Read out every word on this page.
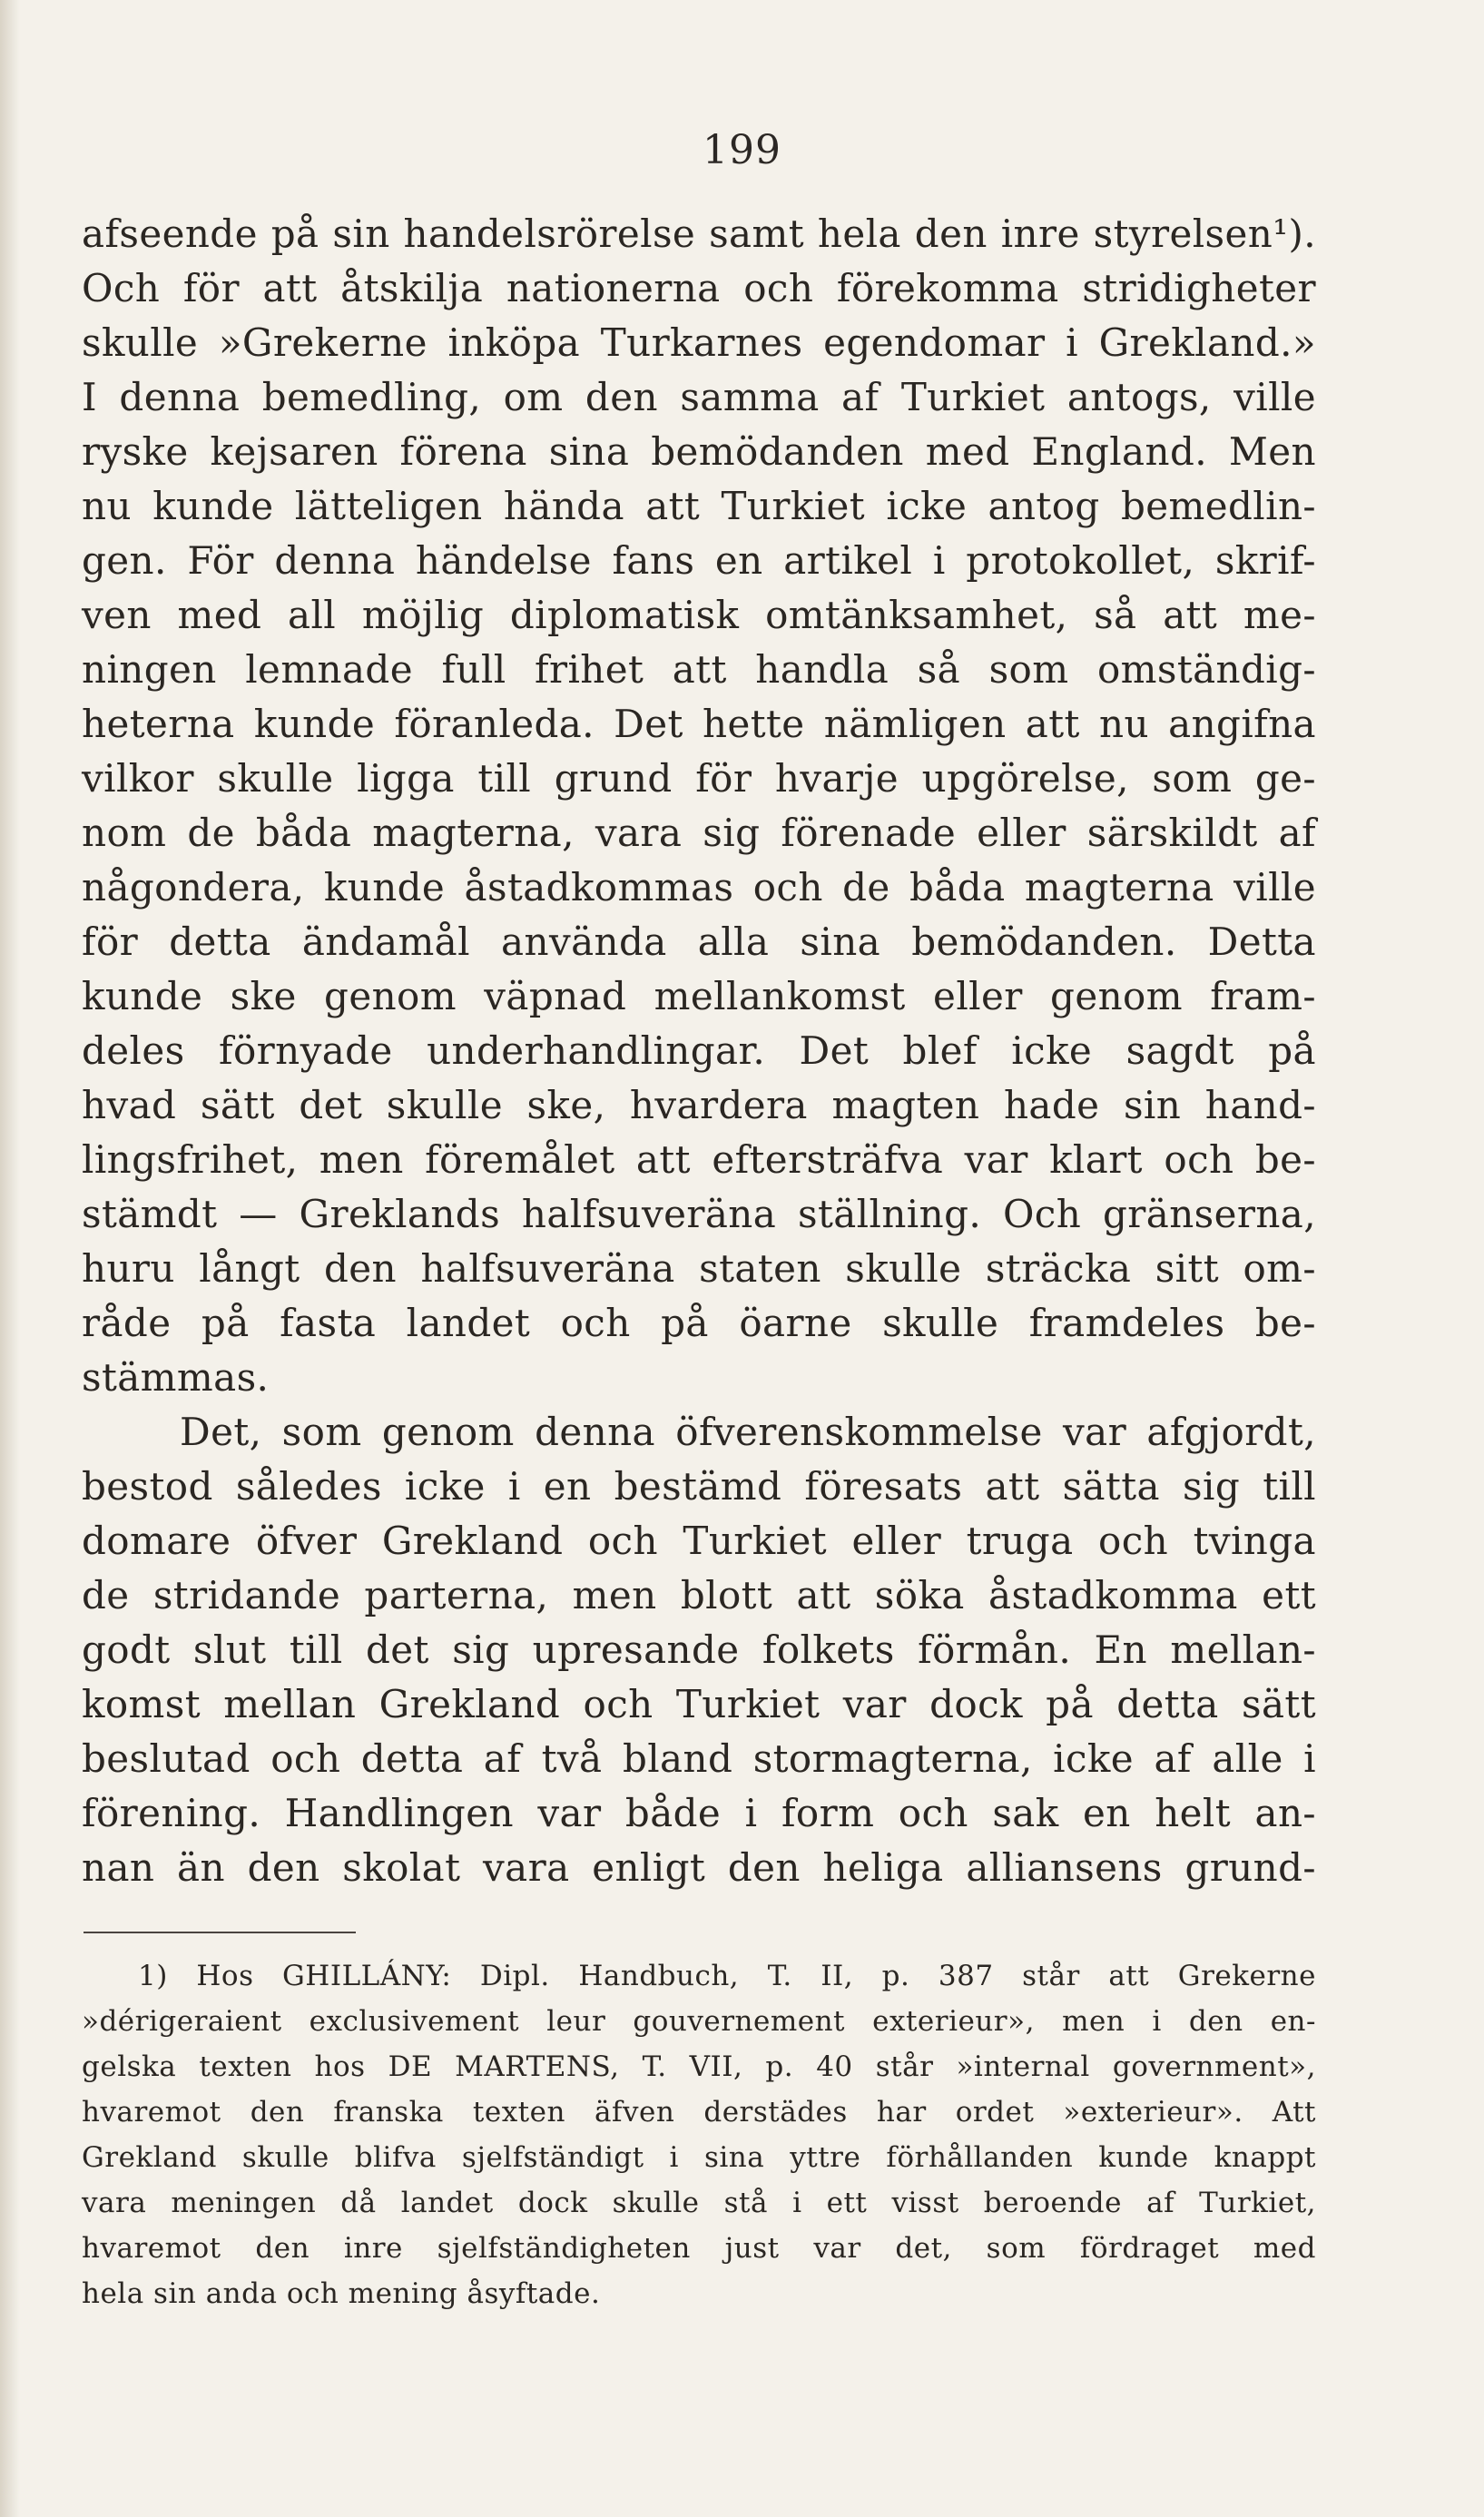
199
afseende på sin handelsrörelse samt hela den inre styrelsen¹).
Och för att åtskilja nationerna och förekomma stridigheter
skulle »Grekerne inköpa Turkarnes egendomar i Grekland.»
I denna bemedling, om den samma af Turkiet antogs, ville
ryske kejsaren förena sina bemödanden med England. Men
nu kunde lätteligen hända att Turkiet icke antog bemedlin-
gen. För denna händelse fans en artikel i protokollet, skrif-
ven med all möjlig diplomatisk omtänksamhet, så att me-
ningen lemnade full frihet att handla så som omständig-
heterna kunde föranleda. Det hette nämligen att nu angifna
vilkor skulle ligga till grund för hvarje upgörelse, som ge-
nom de båda magterna, vara sig förenade eller särskildt af
någondera, kunde åstadkommas och de båda magterna ville
för detta ändamål använda alla sina bemödanden. Detta
kunde ske genom väpnad mellankomst eller genom fram-
deles förnyade underhandlingar. Det blef icke sagdt på
hvad sätt det skulle ske, hvardera magten hade sin hand-
lingsfrihet, men föremålet att eftersträfva var klart och be-
stämdt — Greklands halfsuveräna ställning. Och gränserna,
huru långt den halfsuveräna staten skulle sträcka sitt om-
råde på fasta landet och på öarne skulle framdeles be-
stämmas.
Det, som genom denna öfverenskommelse var afgjordt,
bestod således icke i en bestämd föresats att sätta sig till
domare öfver Grekland och Turkiet eller truga och tvinga
de stridande parterna, men blott att söka åstadkomma ett
godt slut till det sig upresande folkets förmån. En mellan-
komst mellan Grekland och Turkiet var dock på detta sätt
beslutad och detta af två bland stormagterna, icke af alle i
förening. Handlingen var både i form och sak en helt an-
nan än den skolat vara enligt den heliga alliansens grund-
1) Hos GHILLÁNY: Dipl. Handbuch, T. II, p. 387 står att Grekerne
»dérigeraient exclusivement leur gouvernement exterieur», men i den en-
gelska texten hos DE MARTENS, T. VII, p. 40 står »internal government»,
hvaremot den franska texten äfven derstädes har ordet »exterieur». Att
Grekland skulle blifva sjelfständigt i sina yttre förhållanden kunde knappt
vara meningen då landet dock skulle stå i ett visst beroende af Turkiet,
hvaremot den inre sjelfständigheten just var det, som fördraget med
hela sin anda och mening åsyftade.
